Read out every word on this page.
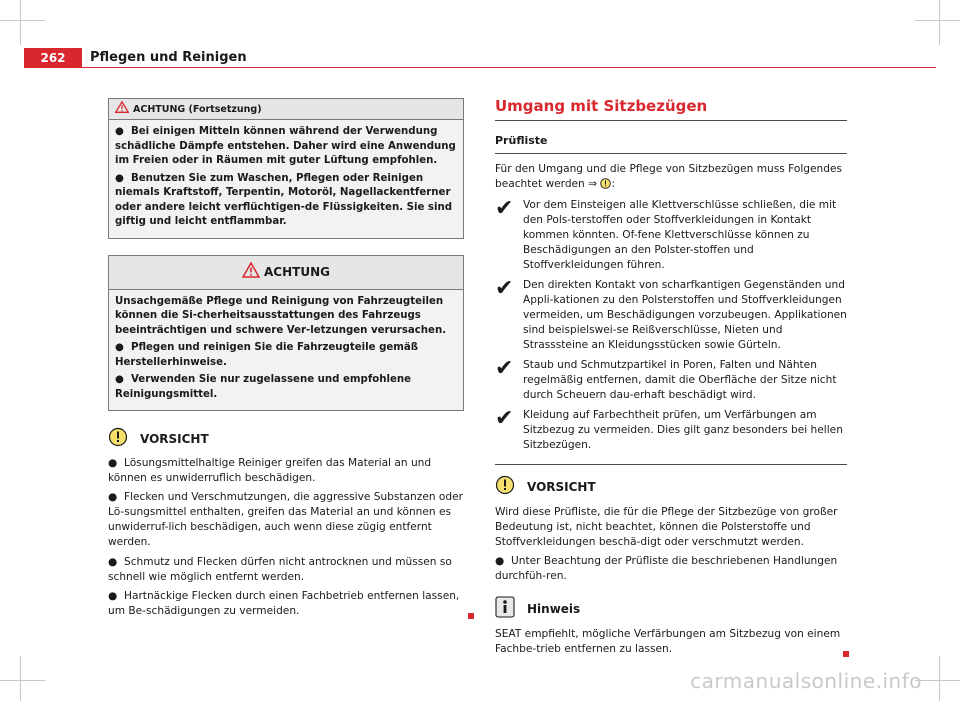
262	Pflegen und Reinigen
ACHTUNG (Fortsetzung)

●  Bei einigen Mitteln können während der Verwendung schädliche Dämpfe entstehen. Daher wird eine Anwendung im Freien oder in Räumen mit guter Lüftung empfohlen.

●  Benutzen Sie zum Waschen, Pflegen oder Reinigen niemals Kraftstoff, Terpentin, Motoröl, Nagellackentferner oder andere leicht verflüchtigen-de Flüssigkeiten. Sie sind giftig und leicht entflammbar.

ACHTUNG

Unsachgemäße Pflege und Reinigung von Fahrzeugteilen können die Si-cherheitsausstattungen des Fahrzeugs beeinträchtigen und schwere Ver-letzungen verursachen.

●  Pflegen und reinigen Sie die Fahrzeugteile gemäß Herstellerhinweise.

●  Verwenden Sie nur zugelassene und empfohlene Reinigungsmittel.

VORSICHT

●  Lösungsmittelhaltige Reiniger greifen das Material an und können es unwiderruflich beschädigen.

●  Flecken und Verschmutzungen, die aggressive Substanzen oder Lö-sungsmittel enthalten, greifen das Material an und können es unwiderruf-lich beschädigen, auch wenn diese zügig entfernt werden.

●  Schmutz und Flecken dürfen nicht antrocknen und müssen so schnell wie möglich entfernt werden.

●  Hartnäckige Flecken durch einen Fachbetrieb entfernen lassen, um Be-schädigungen zu vermeiden.

Umgang mit Sitzbezügen
Prüfliste

Für den Umgang und die Pflege von Sitzbezügen muss Folgendes beachtet werden ⇒ :

✔ Vor dem Einsteigen alle Klettverschlüsse schließen, die mit den Pols-terstoffen oder Stoffverkleidungen in Kontakt kommen könnten. Of-fene Klettverschlüsse können zu Beschädigungen an den Polster-stoffen und Stoffverkleidungen führen.
✔ Den direkten Kontakt von scharfkantigen Gegenständen und Appli-kationen zu den Polsterstoffen und Stoffverkleidungen vermeiden, um Beschädigungen vorzubeugen. Applikationen sind beispielswei-se Reißverschlüsse, Nieten und Strasssteine an Kleidungsstücken sowie Gürteln.
✔ Staub und Schmutzpartikel in Poren, Falten und Nähten regelmäßig entfernen, damit die Oberfläche der Sitze nicht durch Scheuern dau-erhaft beschädigt wird.
✔ Kleidung auf Farbechtheit prüfen, um Verfärbungen am Sitzbezug zu vermeiden. Dies gilt ganz besonders bei hellen Sitzbezügen.
VORSICHT

Wird diese Prüfliste, die für die Pflege der Sitzbezüge von großer Bedeutung ist, nicht beachtet, können die Polsterstoffe und Stoffverkleidungen beschä-digt oder verschmutzt werden.

●  Unter Beachtung der Prüfliste die beschriebenen Handlungen durchfüh-ren.

Hinweis

SEAT empfiehlt, mögliche Verfärbungen am Sitzbezug von einem Fachbe-trieb entfernen zu lassen.

carmanualsonline.info
